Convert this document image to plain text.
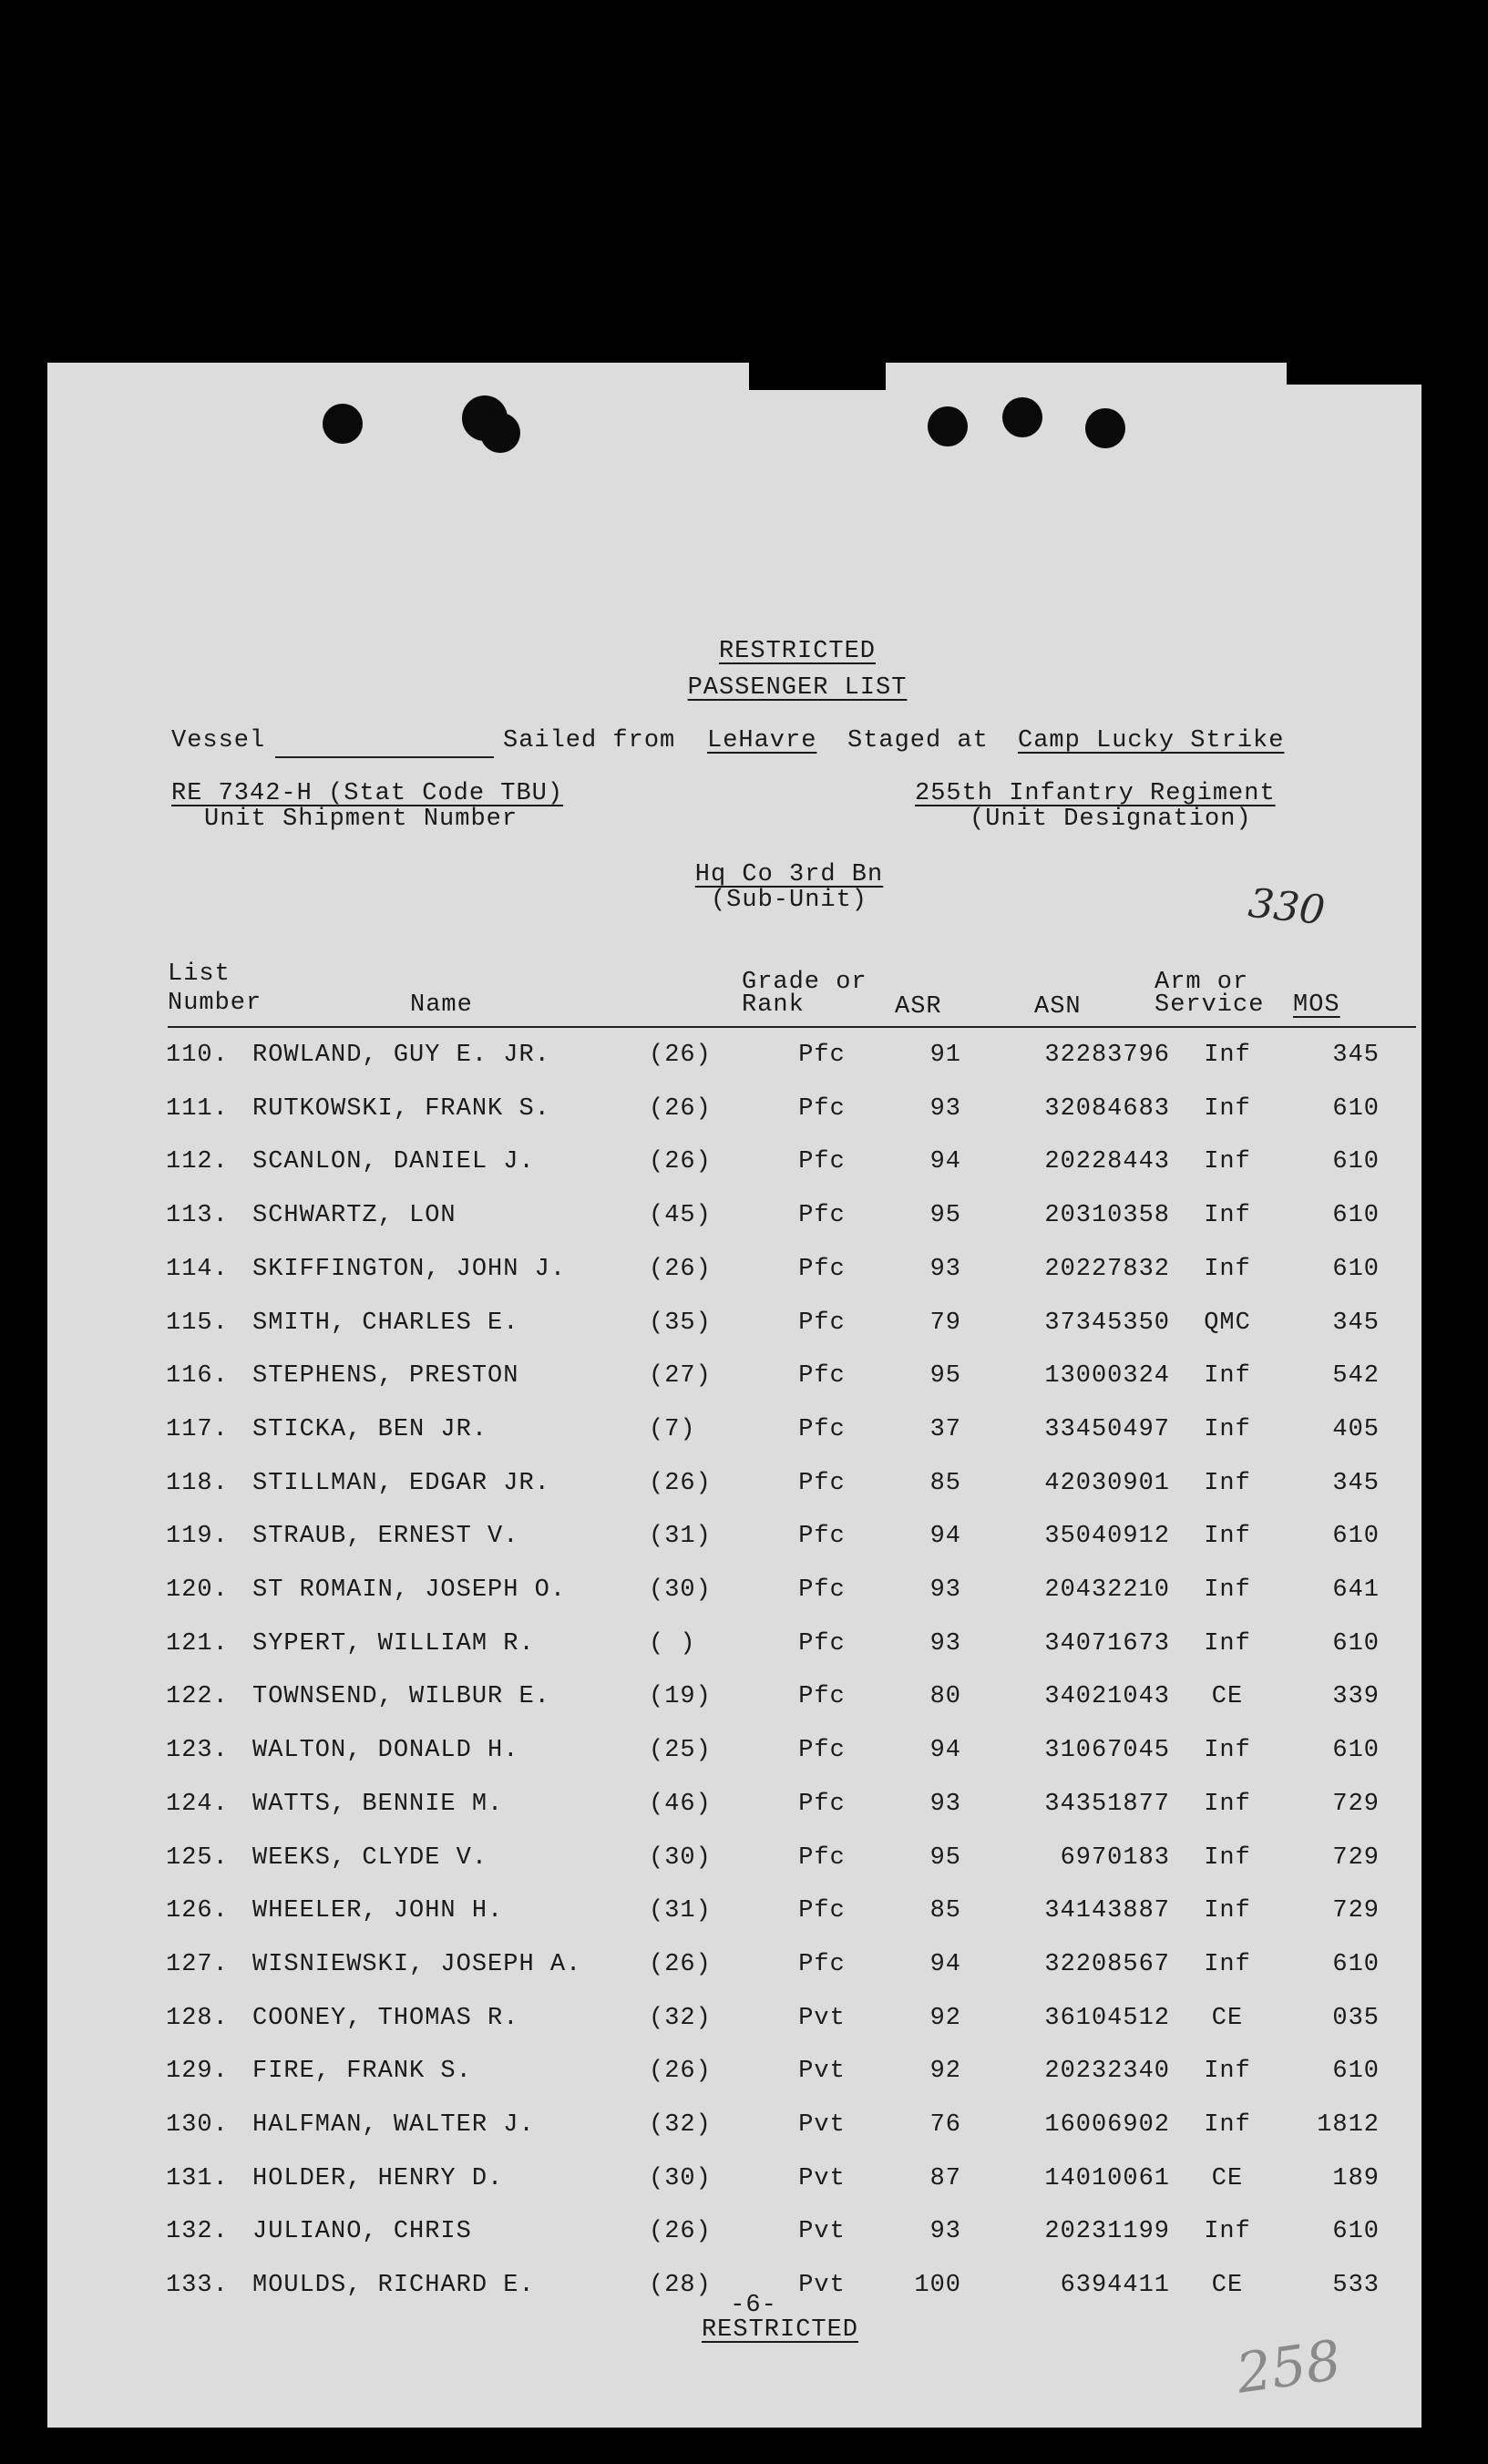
RESTRICTED
PASSENGER LIST
Vessel	Sailed from LeHavre Staged at Camp Lucky Strike
RE 7342-H (Stat Code TBU)
Unit Shipment Number
255th Infantry Regiment
(Unit Designation)
Hq Co 3rd Bn
(Sub-Unit)	330
List
Number	Name
Grade or
Rank	ASR	ASN
Arm or
Service MOS
110. ROWLAND, GUY E. JR.	(26)	Pfc	91	32283796	Inf	345
111. RUTKOWSKI, FRANK S.	(26)	Pfc	93	32084683	Inf	610
112. SCANLON, DANIEL J.	(26)	Pfc	94	20228443	Inf	610
113. SCHWARTZ, LON	(45)	Pfc	95	20310358	Inf	610
114. SKIFFINGTON, JOHN J.	(26)	Pfc	93	20227832	Inf	610
115. SMITH, CHARLES E.	(35)	Pfc	79	37345350	QMC	345
116. STEPHENS, PRESTON	(27)	Pfc	95	13000324	Inf	542
117. STICKA, BEN JR.	(7)	Pfc	37	33450497	Inf	405
118. STILLMAN, EDGAR JR.	(26)	Pfc	85	42030901	Inf	345
119. STRAUB, ERNEST V.	(31)	Pfc	94	35040912	Inf	610
120. ST ROMAIN, JOSEPH O.	(30)	Pfc	93	20432210	Inf	641
121. SYPERT, WILLIAM R.	( )	Pfc	93	34071673	Inf	610
122. TOWNSEND, WILBUR E.	(19)	Pfc	80	34021043	CE	339
123. WALTON, DONALD H.	(25)	Pfc	94	31067045	Inf	610
124. WATTS, BENNIE M.	(46)	Pfc	93	34351877	Inf	729
125. WEEKS, CLYDE V.	(30)	Pfc	95	6970183	Inf	729
126. WHEELER, JOHN H.	(31)	Pfc	85	34143887	Inf	729
127. WISNIEWSKI, JOSEPH A.	(26)	Pfc	94	32208567	Inf	610
128. COONEY, THOMAS R.	(32)	Pvt	92	36104512	CE	035
129. FIRE, FRANK S.	(26)	Pvt	92	20232340	Inf	610
130. HALFMAN, WALTER J.	(32)	Pvt	76	16006902	Inf	1812
131. HOLDER, HENRY D.	(30)	Pvt	87	14010061	CE	189
132. JULIANO, CHRIS	(26)	Pvt	93	20231199	Inf	610
133. MOULDS, RICHARD E.	(28)	Pvt	100	6394411	CE	533
-6-
RESTRICTED	258
